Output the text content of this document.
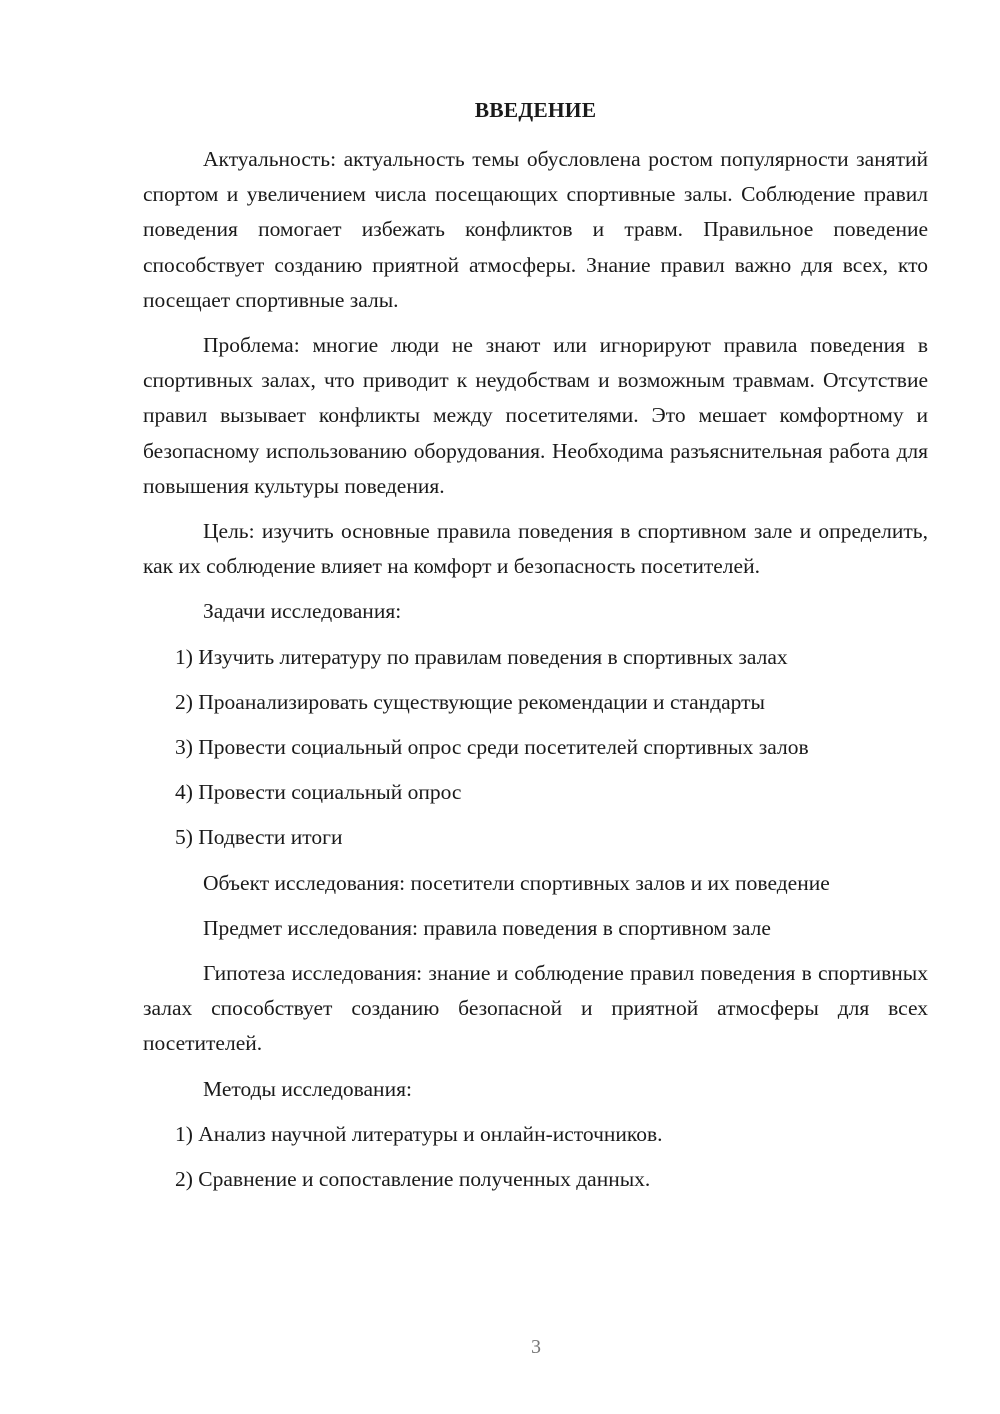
ВВЕДЕНИЕ

Актуальность: актуальность темы обусловлена ростом популярности занятий спортом и увеличением числа посещающих спортивные залы. Соблюдение правил поведения помогает избежать конфликтов и травм. Правильное поведение способствует созданию приятной атмосферы. Знание правил важно для всех, кто посещает спортивные залы.

Проблема: многие люди не знают или игнорируют правила поведения в спортивных залах, что приводит к неудобствам и возможным травмам. Отсутствие правил вызывает конфликты между посетителями. Это мешает комфортному и безопасному использованию оборудования. Необходима разъяснительная работа для повышения культуры поведения.

Цель: изучить основные правила поведения в спортивном зале и определить, как их соблюдение влияет на комфорт и безопасность посетителей.

Задачи исследования:

1) Изучить литературу по правилам поведения в спортивных залах

2) Проанализировать существующие рекомендации и стандарты

3) Провести социальный опрос среди посетителей спортивных залов

4) Провести социальный опрос

5) Подвести итоги

Объект исследования: посетители спортивных залов и их поведение

Предмет исследования: правила поведения в спортивном зале

Гипотеза исследования: знание и соблюдение правил поведения в спортивных залах способствует созданию безопасной и приятной атмосферы для всех посетителей.

Методы исследования:

1) Анализ научной литературы и онлайн-источников.

2) Сравнение и сопоставление полученных данных.

3
